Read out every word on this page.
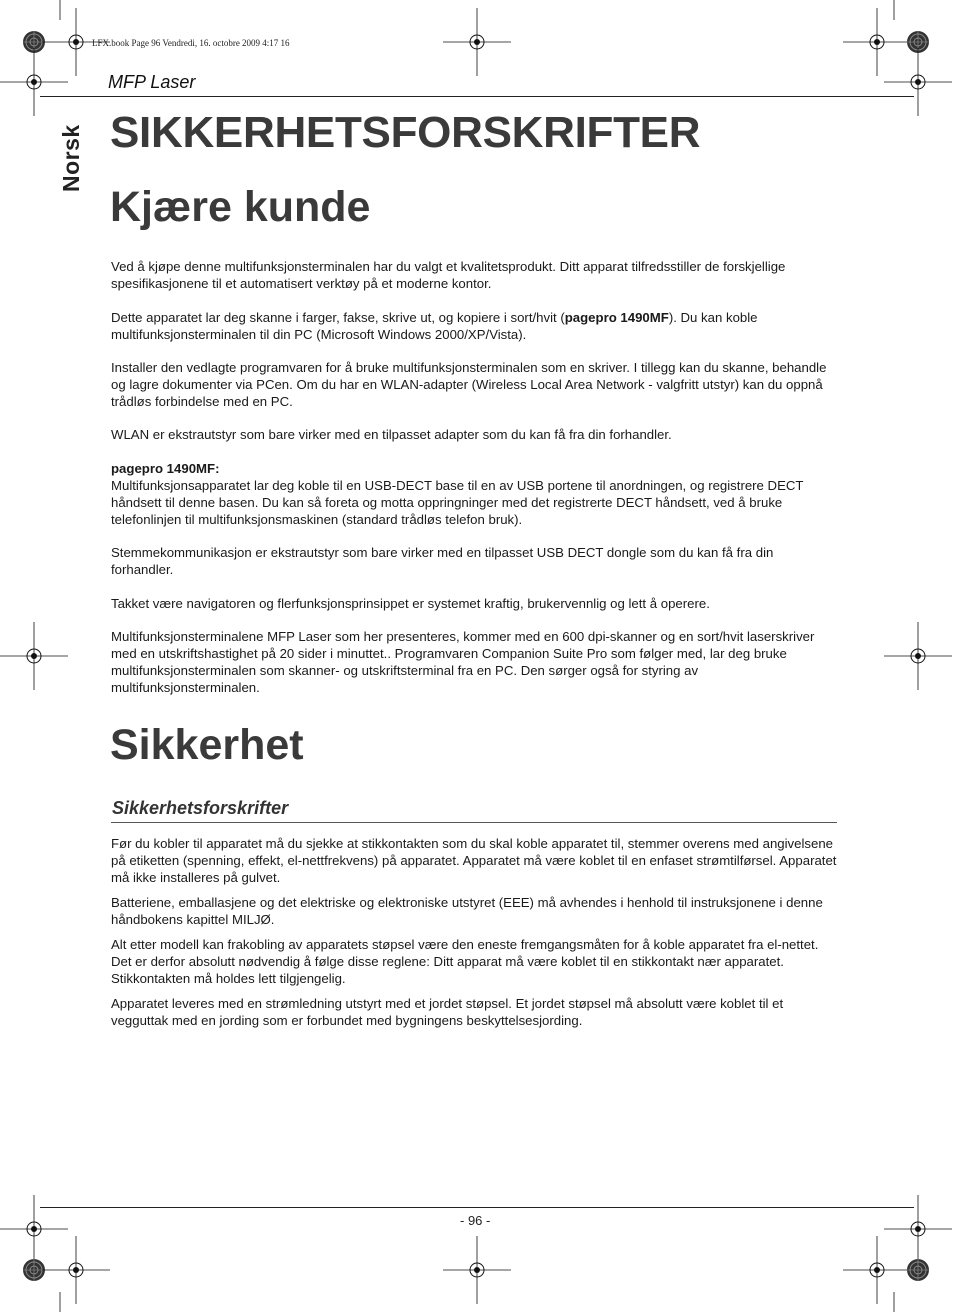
LFX.book Page 96 Vendredi, 16. octobre 2009 4:17 16
MFP Laser
Norsk SIKKERHETSFORSKRIFTER
Kjære kunde
Ved å kjøpe denne multifunksjonsterminalen har du valgt et kvalitetsprodukt. Ditt apparat tilfredsstiller de forskjellige spesifikasjonene til et automatisert verktøy på et moderne kontor.
Dette apparatet lar deg skanne i farger, fakse, skrive ut, og kopiere i sort/hvit (pagepro 1490MF). Du kan koble multifunksjonsterminalen til din PC (Microsoft Windows 2000/XP/Vista).
Installer den vedlagte programvaren for å bruke multifunksjonsterminalen som en skriver. I tillegg kan du skanne, behandle og lagre dokumenter via PCen. Om du har en WLAN-adapter (Wireless Local Area Network - valgfritt utstyr) kan du oppnå trådløs forbindelse med en PC.
WLAN er ekstrautstyr som bare virker med en tilpasset adapter som du kan få fra din forhandler.
pagepro 1490MF:
Multifunksjonsapparatet lar deg koble til en USB-DECT base til en av USB portene til anordningen, og registrere DECT håndsett til denne basen. Du kan så foreta og motta oppringninger med det registrerte DECT håndsett, ved å bruke telefonlinjen til multifunksjonsmaskinen (standard trådløs telefon bruk).
Stemmekommunikasjon er ekstrautstyr som bare virker med en tilpasset USB DECT dongle som du kan få fra din forhandler.
Takket være navigatoren og flerfunksjonsprinsippet er systemet kraftig, brukervennlig og lett å operere.
Multifunksjonsterminalene MFP Laser som her presenteres, kommer med en 600 dpi-skanner og en sort/hvit laserskriver med en utskriftshastighet på 20 sider i minuttet.. Programvaren Companion Suite Pro som følger med, lar deg bruke multifunksjonsterminalen som skanner- og utskriftsterminal fra en PC. Den sørger også for styring av multifunksjonsterminalen.
Sikkerhet
Sikkerhetsforskrifter
Før du kobler til apparatet må du sjekke at stikkontakten som du skal koble apparatet til, stemmer overens med angivelsene på etiketten (spenning, effekt, el-nettfrekvens) på apparatet. Apparatet må være koblet til en enfaset strømtilførsel. Apparatet må ikke installeres på gulvet.
Batteriene, emballasjene og det elektriske og elektroniske utstyret (EEE) må avhendes i henhold til instruksjonene i denne håndbokens kapittel MILJØ.
Alt etter modell kan frakobling av apparatets støpsel være den eneste fremgangsmåten for å koble apparatet fra el-nettet. Det er derfor absolutt nødvendig å følge disse reglene: Ditt apparat må være koblet til en stikkontakt nær apparatet. Stikkontakten må holdes lett tilgjengelig.
Apparatet leveres med en strømledning utstyrt med et jordet støpsel. Et jordet støpsel må absolutt være koblet til et vegguttak med en jording som er forbundet med bygningens beskyttelsesjording.
- 96 -
